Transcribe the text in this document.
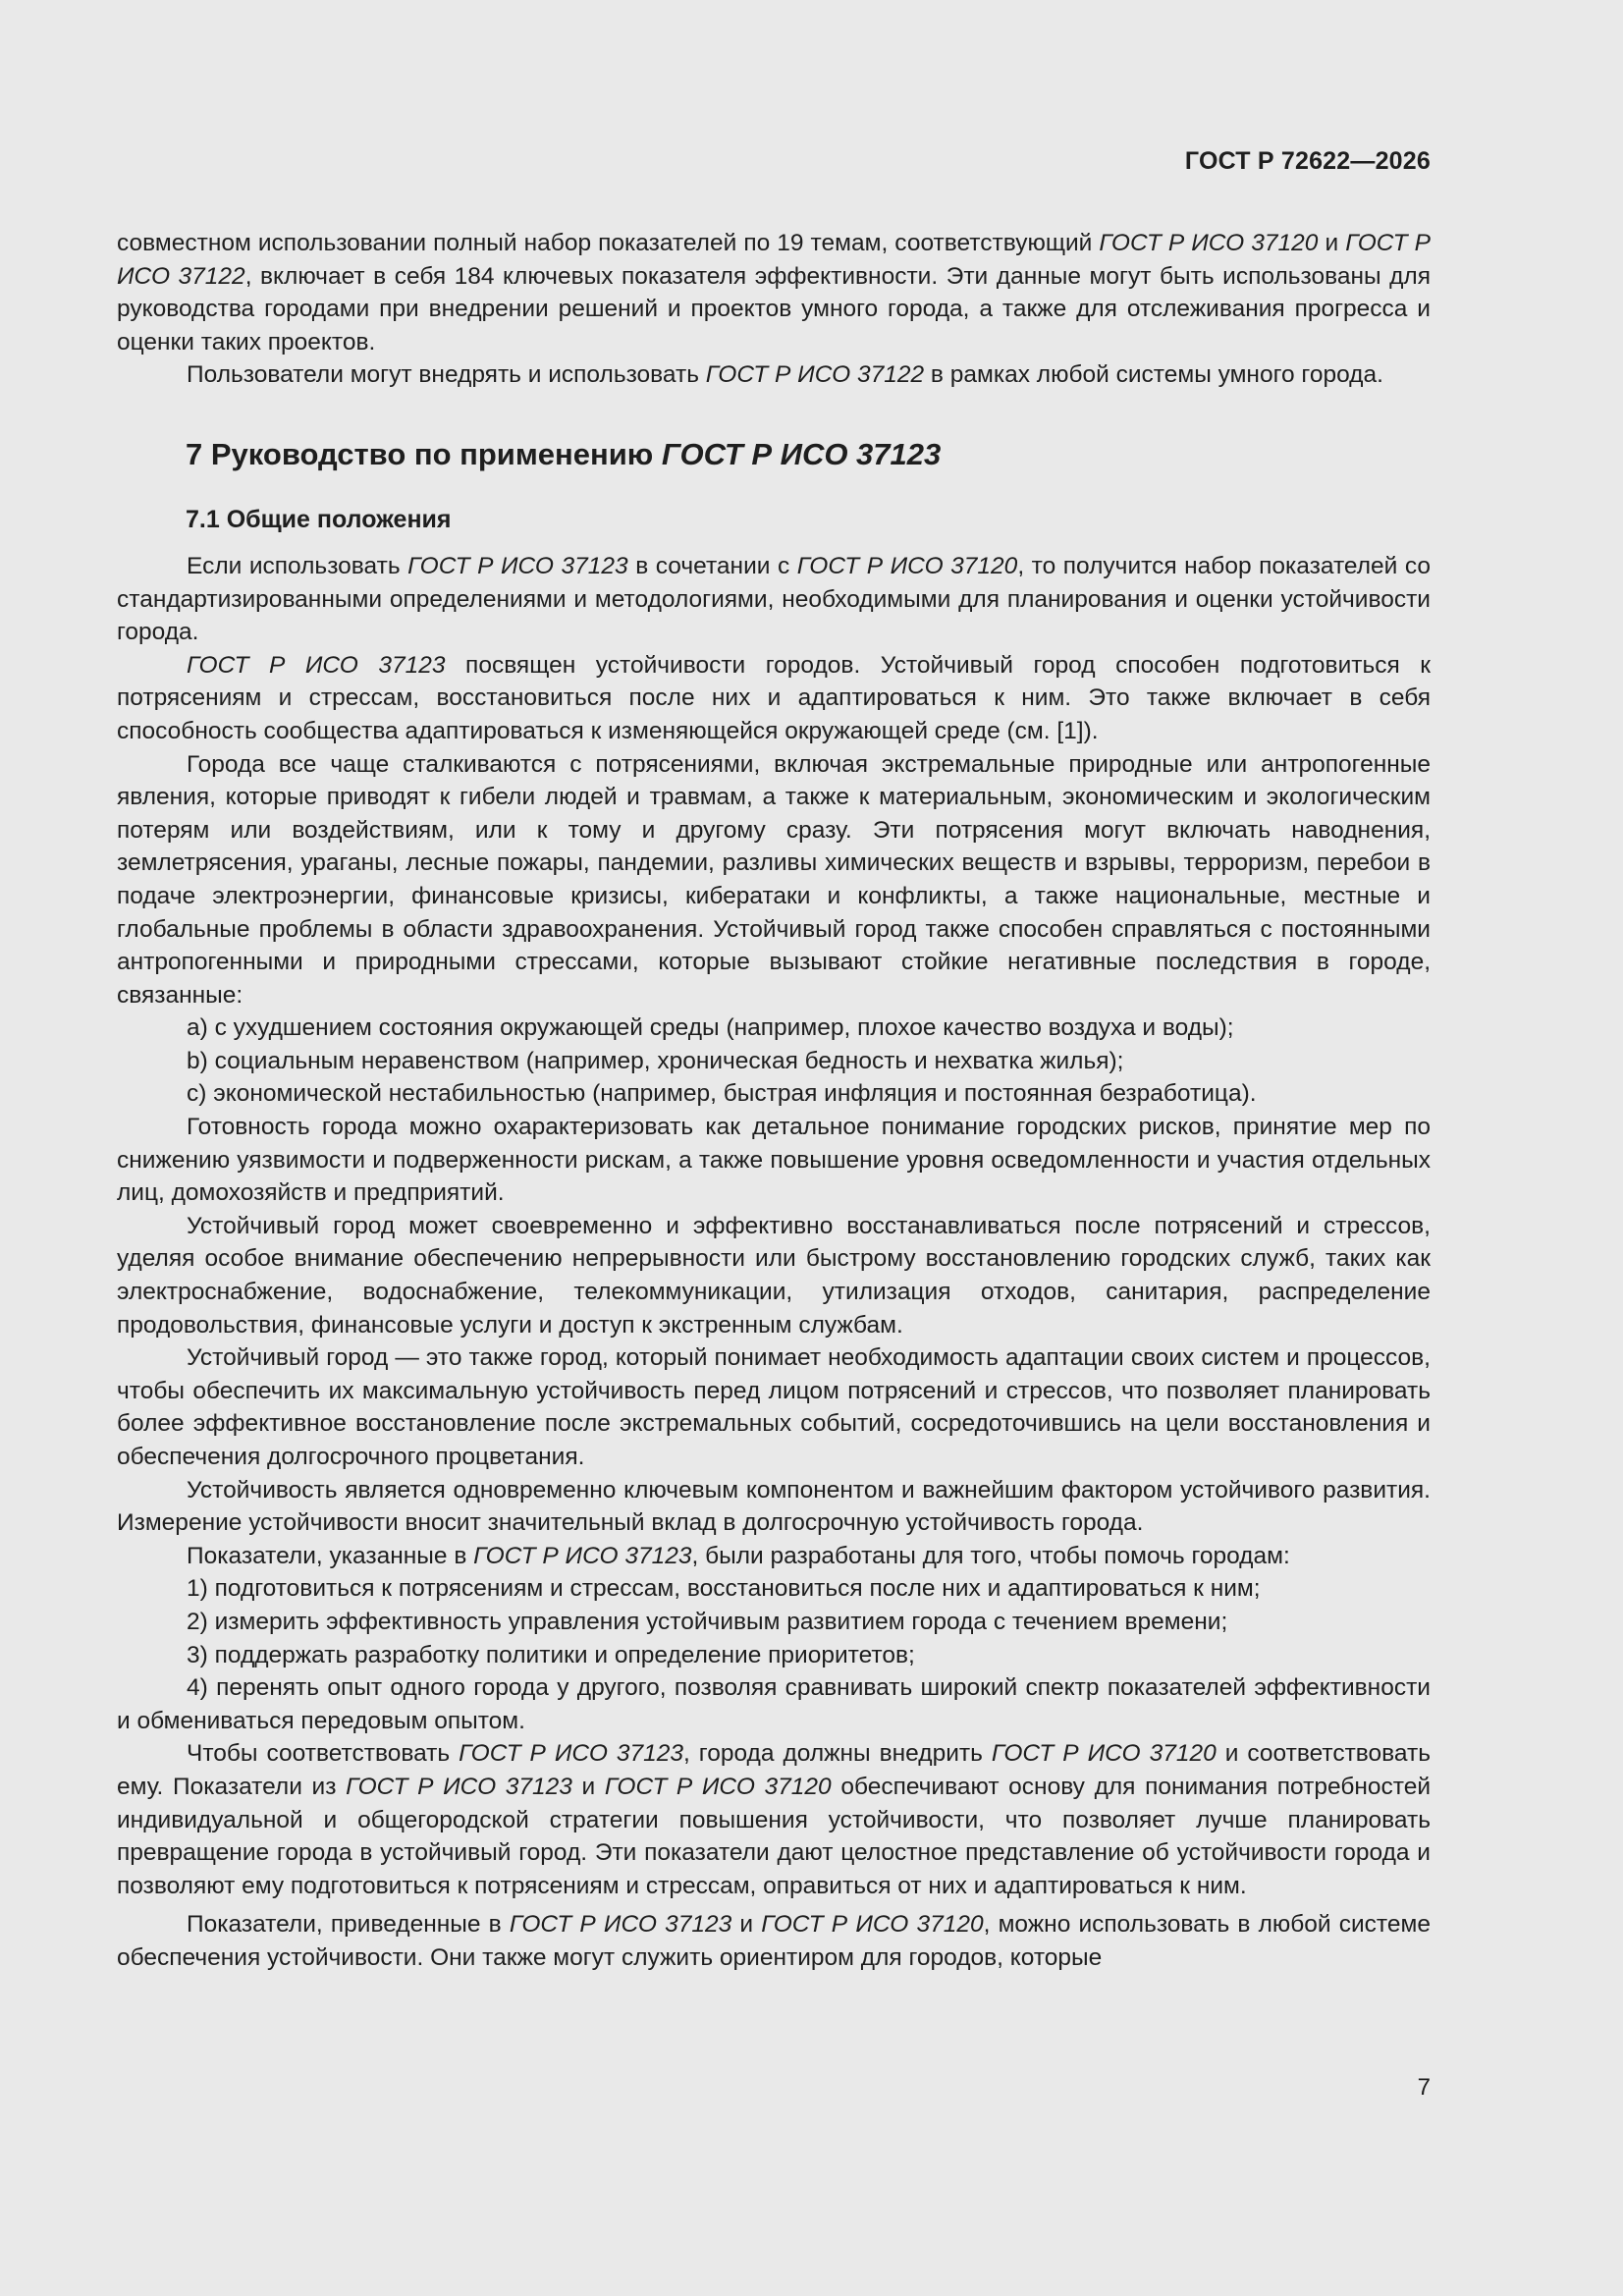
ГОСТ Р 72622—2026

совместном использовании полный набор показателей по 19 темам, соответствующий ГОСТ Р ИСО 37120 и ГОСТ Р ИСО 37122, включает в себя 184 ключевых показателя эффективности. Эти данные могут быть использованы для руководства городами при внедрении решений и проектов умного города, а также для отслеживания прогресса и оценки таких проектов.

Пользователи могут внедрять и использовать ГОСТ Р ИСО 37122 в рамках любой системы умного города.

7 Руководство по применению ГОСТ Р ИСО 37123
7.1 Общие положения

Если использовать ГОСТ Р ИСО 37123 в сочетании с ГОСТ Р ИСО 37120, то получится набор показателей со стандартизированными определениями и методологиями, необходимыми для планирования и оценки устойчивости города.

ГОСТ Р ИСО 37123 посвящен устойчивости городов. Устойчивый город способен подготовиться к потрясениям и стрессам, восстановиться после них и адаптироваться к ним. Это также включает в себя способность сообщества адаптироваться к изменяющейся окружающей среде (см. [1]).

Города все чаще сталкиваются с потрясениями, включая экстремальные природные или антропогенные явления, которые приводят к гибели людей и травмам, а также к материальным, экономическим и экологическим потерям или воздействиям, или к тому и другому сразу. Эти потрясения могут включать наводнения, землетрясения, ураганы, лесные пожары, пандемии, разливы химических веществ и взрывы, терроризм, перебои в подаче электроэнергии, финансовые кризисы, кибератаки и конфликты, а также национальные, местные и глобальные проблемы в области здравоохранения. Устойчивый город также способен справляться с постоянными антропогенными и природными стрессами, которые вызывают стойкие негативные последствия в городе, связанные:

а) с ухудшением состояния окружающей среды (например, плохое качество воздуха и воды);

b) социальным неравенством (например, хроническая бедность и нехватка жилья);

с) экономической нестабильностью (например, быстрая инфляция и постоянная безработица).

Готовность города можно охарактеризовать как детальное понимание городских рисков, принятие мер по снижению уязвимости и подверженности рискам, а также повышение уровня осведомленности и участия отдельных лиц, домохозяйств и предприятий.

Устойчивый город может своевременно и эффективно восстанавливаться после потрясений и стрессов, уделяя особое внимание обеспечению непрерывности или быстрому восстановлению городских служб, таких как электроснабжение, водоснабжение, телекоммуникации, утилизация отходов, санитария, распределение продовольствия, финансовые услуги и доступ к экстренным службам.

Устойчивый город — это также город, который понимает необходимость адаптации своих систем и процессов, чтобы обеспечить их максимальную устойчивость перед лицом потрясений и стрессов, что позволяет планировать более эффективное восстановление после экстремальных событий, сосредоточившись на цели восстановления и обеспечения долгосрочного процветания.

Устойчивость является одновременно ключевым компонентом и важнейшим фактором устойчивого развития. Измерение устойчивости вносит значительный вклад в долгосрочную устойчивость города.

Показатели, указанные в ГОСТ Р ИСО 37123, были разработаны для того, чтобы помочь городам:

1) подготовиться к потрясениям и стрессам, восстановиться после них и адаптироваться к ним;

2) измерить эффективность управления устойчивым развитием города с течением времени;

3) поддержать разработку политики и определение приоритетов;

4) перенять опыт одного города у другого, позволяя сравнивать широкий спектр показателей эффективности и обмениваться передовым опытом.

Чтобы соответствовать ГОСТ Р ИСО 37123, города должны внедрить ГОСТ Р ИСО 37120 и соответствовать ему. Показатели из ГОСТ Р ИСО 37123 и ГОСТ Р ИСО 37120 обеспечивают основу для понимания потребностей индивидуальной и общегородской стратегии повышения устойчивости, что позволяет лучше планировать превращение города в устойчивый город. Эти показатели дают целостное представление об устойчивости города и позволяют ему подготовиться к потрясениям и стрессам, оправиться от них и адаптироваться к ним.

Показатели, приведенные в ГОСТ Р ИСО 37123 и ГОСТ Р ИСО 37120, можно использовать в любой системе обеспечения устойчивости. Они также могут служить ориентиром для городов, которые

7
